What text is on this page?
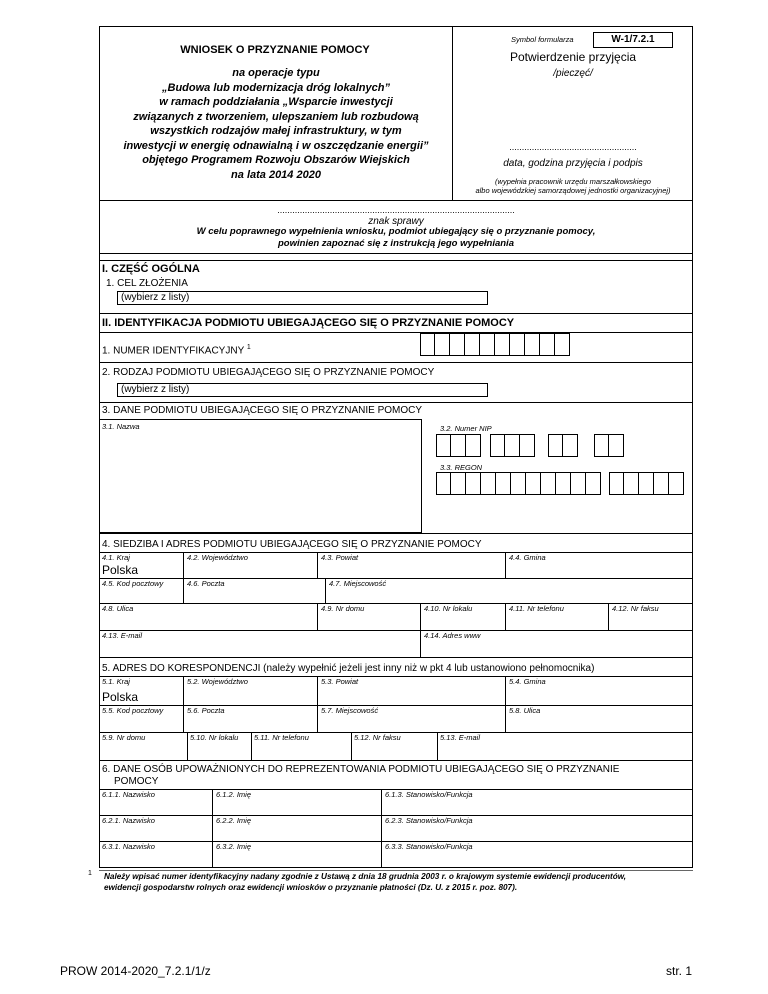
WNIOSEK O PRZYZNANIE POMOCY
na operacje typu
„Budowa lub modernizacja dróg lokalnych”
w ramach poddziałania „Wsparcie inwestycji
związanych z tworzeniem, ulepszaniem lub rozbudową
wszystkich rodzajów małej infrastruktury, w tym
inwestycji w energię odnawialną i w oszczędzanie energii”
objętego Programem Rozwoju Obszarów Wiejskich
na lata 2014 2020
Symbol formularza	W-1/7.2.1
Potwierdzenie przyjęcia
/pieczęć/
...................................................
data, godzina przyjęcia i podpis
(wypełnia pracownik urzędu marszałkowskiego
albo wojewódzkiej samorządowej jednostki organizacyjnej)
...............................................................................................
znak sprawy
W celu poprawnego wypełnienia wniosku, podmiot ubiegający się o przyznanie pomocy,
powinien zapoznać się z instrukcją jego wypełniania
I. CZĘŚĆ OGÓLNA
1. CEL ZŁOŻENIA
(wybierz z listy)
II. IDENTYFIKACJA PODMIOTU UBIEGAJĄCEGO SIĘ O PRZYZNANIE POMOCY
1. NUMER IDENTYFIKACYJNY $^1$
2. RODZAJ PODMIOTU UBIEGAJĄCEGO SIĘ O PRZYZNANIE POMOCY
(wybierz z listy)
3. DANE PODMIOTU UBIEGAJĄCEGO SIĘ O PRZYZNANIE POMOCY
3.1. Nazwa	3.2. Numer NIP
3.3. REGON
4. SIEDZIBA I ADRES PODMIOTU UBIEGAJĄCEGO SIĘ O PRZYZNANIE POMOCY
4.1. Kraj	4.2. Województwo	4.3. Powiat	4.4. Gmina
Polska
4.5. Kod pocztowy	4.6. Poczta	4.7. Miejscowość
4.8. Ulica	4.9. Nr domu	4.10. Nr lokalu	4.11. Nr telefonu	4.12. Nr faksu
4.13. E-mail	4.14. Adres www
5. ADRES DO KORESPONDENCJI (należy wypełnić jeżeli jest inny niż w pkt 4 lub ustanowiono pełnomocnika)
5.1. Kraj	5.2. Województwo	5.3. Powiat	5.4. Gmina
Polska
5.5. Kod pocztowy	5.6. Poczta	5.7. Miejscowość	5.8. Ulica
5.9. Nr domu	5.10. Nr lokalu 5.11. Nr telefonu	5.12. Nr faksu	5.13. E-mail
6. DANE OSÓB UPOWAŻNIONYCH DO REPREZENTOWANIA PODMIOTU UBIEGAJĄCEGO SIĘ O PRZYZNANIE
POMOCY
6.1.1. Nazwisko	6.1.2. Imię	6.1.3. Stanowisko/Funkcja
6.2.1. Nazwisko	6.2.2. Imię	6.2.3. Stanowisko/Funkcja
6.3.1. Nazwisko	6.3.2. Imię	6.3.3. Stanowisko/Funkcja
1 Należy wpisać numer identyfikacyjny nadany zgodnie z Ustawą z dnia 18 grudnia 2003 r. o krajowym systemie ewidencji producentów,
ewidencji gospodarstw rolnych oraz ewidencji wniosków o przyznanie płatności (Dz. U. z 2015 r. poz. 807).
PROW 2014-2020_7.2.1/1/z	str. 1
